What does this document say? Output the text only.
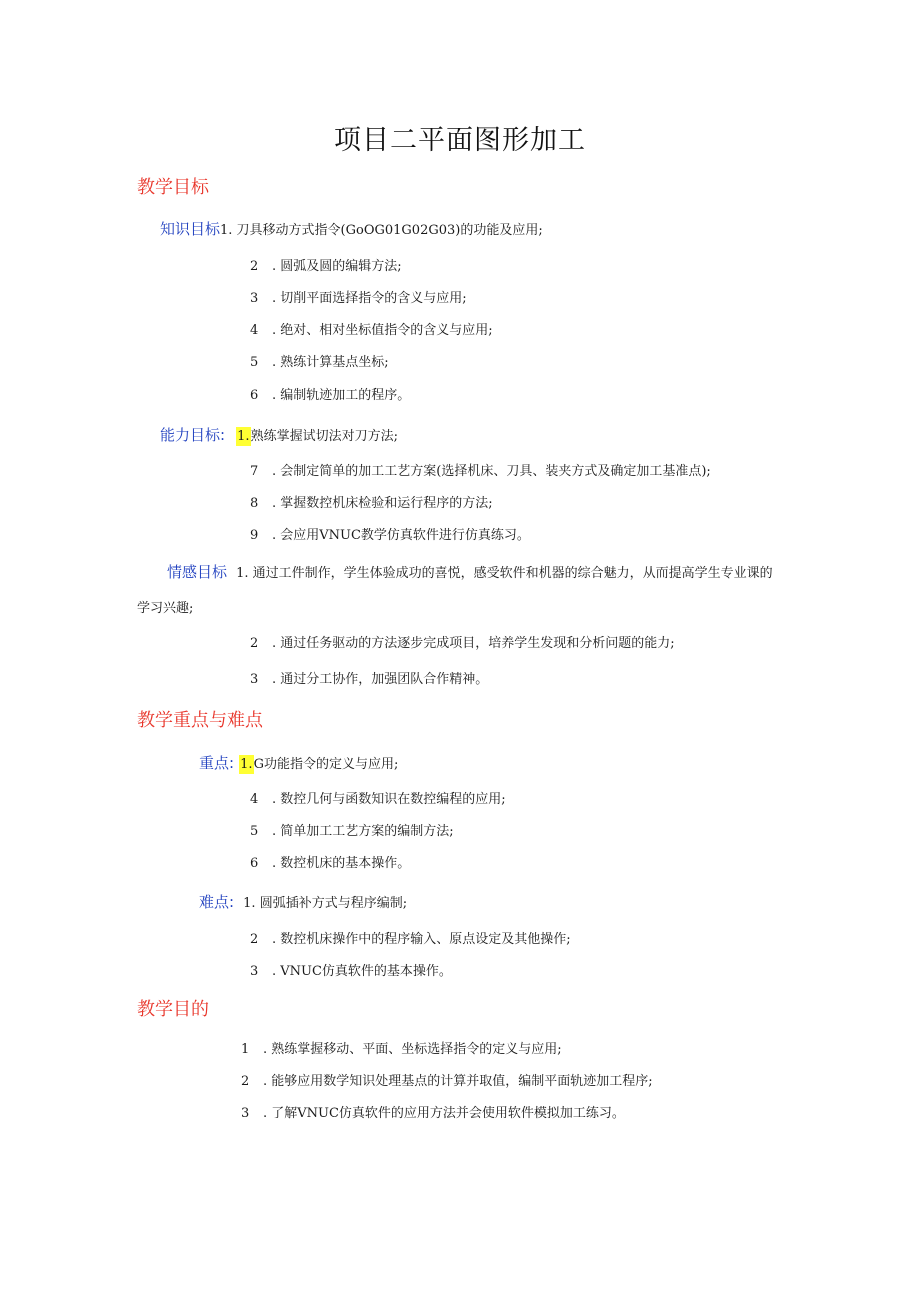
项目二平面图形加工
教学目标
知识目标1. 刀具移动方式指令(GoOG01G02G03)的功能及应用;
2 . 圆弧及圆的编辑方法;
3 . 切削平面选择指令的含义与应用;
4 . 绝对、相对坐标值指令的含义与应用;
5 . 熟练计算基点坐标;
6 . 编制轨迹加工的程序。
能力目标: 1.熟练掌握试切法对刀方法;
7 . 会制定简单的加工工艺方案(选择机床、刀具、装夹方式及确定加工基准点);
8 . 掌握数控机床检验和运行程序的方法;
9 . 会应用VNUC教学仿真软件进行仿真练习。
情感目标 1. 通过工件制作，学生体验成功的喜悦，感受软件和机器的综合魅力，从而提高学生专业课的
学习兴趣;
2 . 通过任务驱动的方法逐步完成项目，培养学生发现和分析问题的能力;
3 . 通过分工协作，加强团队合作精神。
教学重点与难点
重点: 1.G功能指令的定义与应用;
4 . 数控几何与函数知识在数控编程的应用;
5 . 简单加工工艺方案的编制方法;
6 . 数控机床的基本操作。
难点: 1. 圆弧插补方式与程序编制;
2 . 数控机床操作中的程序输入、原点设定及其他操作;
3 . VNUC仿真软件的基本操作。
教学目的
1 . 熟练掌握移动、平面、坐标选择指令的定义与应用;
2 . 能够应用数学知识处理基点的计算并取值，编制平面轨迹加工程序;
3 . 了解VNUC仿真软件的应用方法并会使用软件模拟加工练习。
